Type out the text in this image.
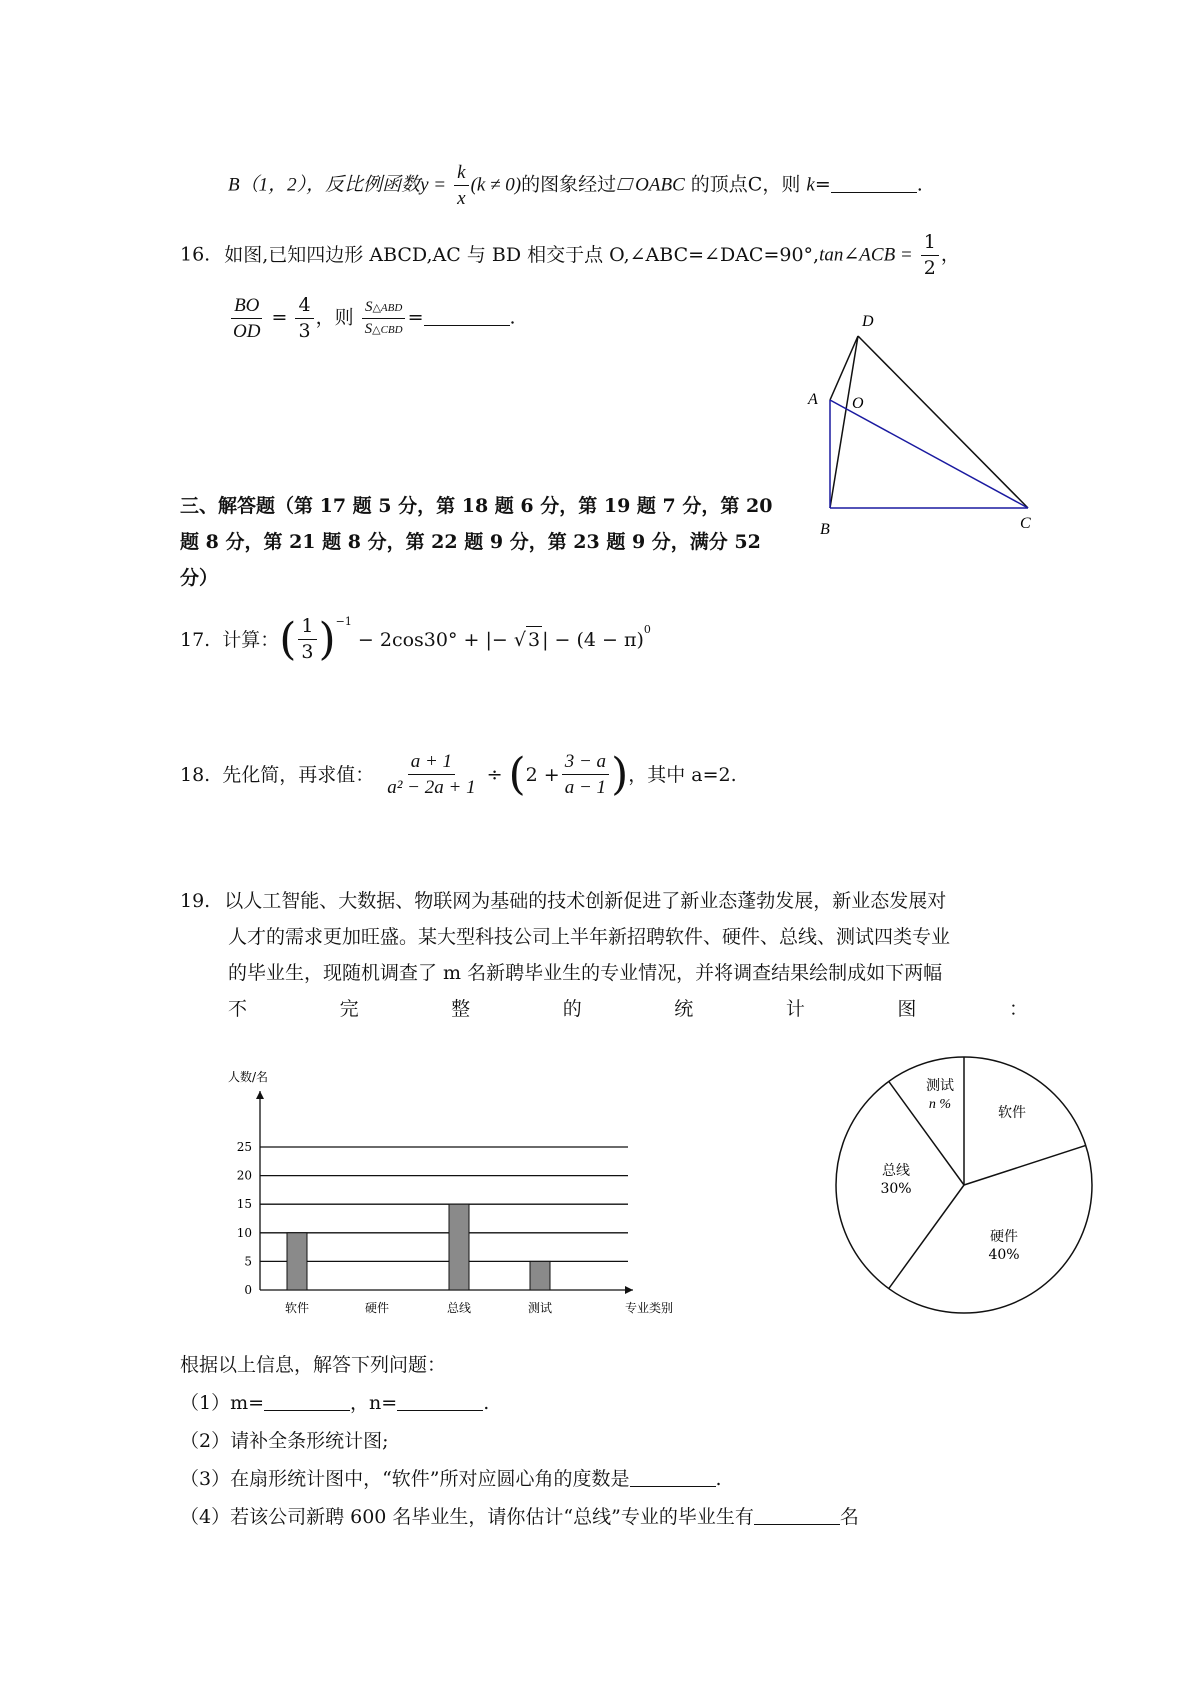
B（1，2），反比例函数$y = \frac{k}{x} (k \ne 0)$的图象经过 OABC 的顶点C，则 k=	.
16. 如图,已知四边形 ABCD,AC 与 BD 相交于点 O,∠ABC=∠DAC=90°,tan∠ACB = $\frac{1}{2}$ ，
$\frac{BO}{OD} = \frac{4}{3}$ ，则 $\frac{\text{S△ABD}}{\text{S△CBD}}$ =	.	D
A O
B	C
三、解答题（第 17 题 5 分，第 18 题 6 分，第 19 题 7 分，第 20
题 8 分，第 21 题 8 分，第 22 题 9 分，第 23 题 9 分，满分 52
分）
17. 计算： ( $\frac{1}{3}$ ) −1
− 2cos30° + |− √ 3 | − (4 − π) 0
18. 先化简，再求值： $\frac{a + 1}{\text{a² − 2a + 1}}$ ÷ ( $2 + \frac{3 - a}{a - 1}$ ) ，其中 a=2.
19. 以人工智能、大数据、物联网为基础的技术创新促进了新业态蓬勃发展，新业态发展对
人才的需求更加旺盛。某大型科技公司上半年新招聘软件、硬件、总线、测试四类专业
的毕业生，现随机调查了 m 名新聘毕业生的专业情况，并将调查结果绘制成如下两幅
不	完	整	的	统	计	图	：
人数/名
专业类别
0
5
10
15
20
25
软件	硬件	总线	测试
软件
硬件
40%
总线
30%
测试
n %
根据以上信息，解答下列问题：
（1）m=	，n=	.
（2）请补全条形统计图;
（3）在扇形统计图中，“软件”所对应圆心角的度数是	.
（4）若该公司新聘 600 名毕业生，请你估计“总线”专业的毕业生有	名
